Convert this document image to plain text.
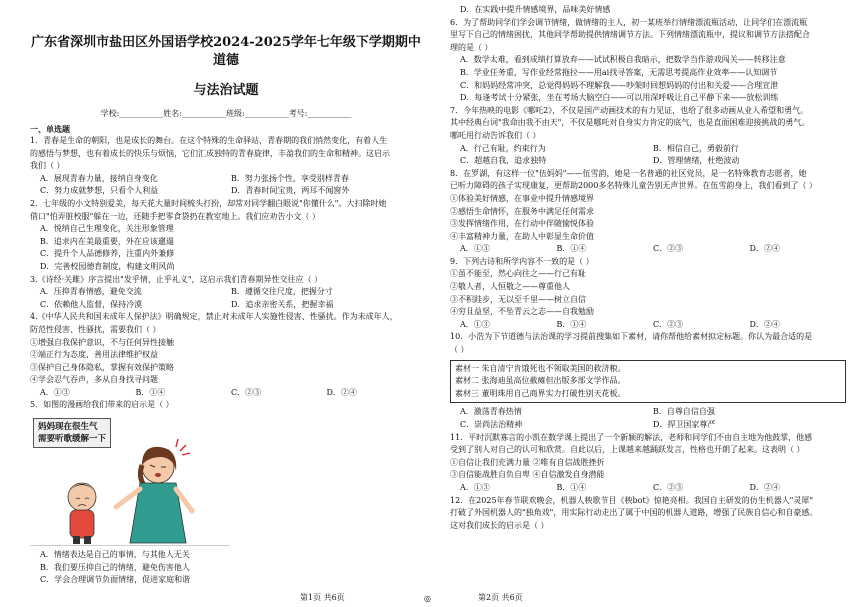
广东省深圳市盐田区外国语学校2024-2025学年七年级下学期期中道德
与法治试题
学校:___________姓名:___________班级:___________考号:___________
一、单选题

1．青春是生命的朝阳，也是成长的舞台。在这个特殊的生命驿站，青春期的我们悄然变化，有着人生

的感悟与梦想，也有着成长的快乐与烦恼，它们汇成独特的青春旋律，丰盈我们的生命和精神。这启示

我们（ ）

A．展现青春力量，接纳自身变化	B．努力张扬个性，享受别样青春
C．努力成就梦想，只看个人利益	D．青春时间宝贵，两耳不闻窗外

2．七年级的小文特别爱美，每天花大量时间梳头打扮，却常对同学翻白眼说"你懂什么"。大扫除时她

借口"怕弄脏校服"躲在一边，还随手把零食袋扔在教室地上。我们应劝告小文（ ）

A．悦纳自己生理变化，关注形象管理

B．追求内在美最重要，外在应该邋遢

C．提升个人品德修养，注重内外兼修

D．完善校园德育制度，构建文明风尚

3.《诗经·关雎》序言提出"发乎情，止乎礼义"，这启示我们青春期异性交往应（ ）

A．压抑青春情感，避免交流	B．遵循交往尺度，把握分寸
C．依赖他人监督，保持冷漠	D．追求亲密关系，把握幸福

4.《中华人民共和国未成年人保护法》明确规定，禁止对未成年人实施性侵害、性骚扰。作为未成年人，

防范性侵害、性骚扰，需要我们（ ）

①增强自我保护意识，不与任何异性接触

②端正行为态度，善用法律维护权益

③保护自己身体隐私，掌握有效保护策略

④学会忍气吞声，多从自身找寻问题

A．①③	B．①④	C．②③	D．②④

5．如图的漫画给我们带来的启示是（ ）

妈妈现在很生气
需要听歌缓解一下

A．情绪表达是自己的事情，与其他人无关

B．我们要压抑自己的情绪，避免伤害他人

C．学会合理调节负面情绪，促进家庭和谐

D．在实践中提升情感境界，品味美好情感

6．为了帮助同学们学会调节情绪，做情绪的主人，初一某班举行情绪漂流瓶活动，让同学们在漂流瓶

里写下自己的情绪困扰，其他同学帮助提供情绪调节方法。下列情绪漂流瓶中，提议和调节方法搭配合

理的是（ ）

A．数学太难，看到成绩打算放弃——试试积极自我暗示，把数学当作游戏闯关——转移注意

B．学业任务重，写作业经常拖拉——用ai找寻答案，无需思考提高作业效率——认知调节

C．和妈妈经常冲突，总觉得妈妈不理解我——吵架时回想妈妈的付出和关爱——合理宣泄

D．每逢考试十分紧张，坐在考场大脑空白——可以用深呼吸让自己平静下来——放松训练

7．今年热映的电影《哪吒2》，不仅是国产动画技术的有力见证，也给了很多动画从业人希望和勇气。

其中经典台词"我命由我不由天"，不仅是哪吒对自身实力肯定的底气，也是直面困难迎接挑战的勇气。

哪吒用行动告诉我们（ ）

A．行己有耻，约束行为	B．相信自己，勇毅前行
C．超越自我，追求独特	D．管理情绪，杜绝波动

8．在罗湖，有这样一位"伍妈妈"——伍雪韵，她是一名普通的社区党员，是一名特殊教育志愿者，她

已听力障碍的孩子实现康复，更帮助2000多名特殊儿童告别无声世界。在伍雪韵身上，我们看到了（ ）

①体验美好情感，在事业中提升情感境界

②感悟生命情怀，在服务中满足任何需求

③发挥情绪作用，在行动中伴随愉悦体验

④丰富精神力量，在助人中彰显生命价值

A．①③	B．①④	C．②③	D．②④

9．下列古诗和所学内容不一致的是（ ）

①虽不能至，然心向往之——行己有耻

②敬人者，人恒敬之——尊重他人

③不积跬步，无以至千里——树立自信

④穷且益坚，不坠青云之志——自我勉励

A．①③	B．①④	C．②③	D．②④

10．小浩为下节道德与法治课的学习提前搜集如下素材，请你帮他给素材拟定标题。你认为最合适的是

（ ）

素材一 朱自清宁肯饿死也不领取美国的救济粮。

素材二 张海迪虽高位截瘫但出版多部文学作品。

素材三 董明珠用自己商界实力打破性别天花板。

A．激荡青春热情	B．自尊自信自强
C．崇尚法治精神	D．捍卫国家尊严

11．平时沉默寡言的小凯在数学课上提出了一个新颖的解法，老师和同学们不由自主地为他鼓掌，他感

受到了别人对自己的认可和欣赏。自此以后，上课越来越踊跃发言，性格也开朗了起来。这表明（ ）

①自信让我们充满力量 ②唯有自信战胜挫折

③自信能战胜自负自卑 ④自信激发自身潜能

A．①③	B．①④	C．②③	D．②④

12．在2025年春节联欢晚会，机器人秧歌节目《秧bot》惊艳亮相。我国自主研发的仿生机器人"灵犀"

打破了外国机器人的"独角戏"，用实际行动走出了属于中国的机器人道路，增强了民族自信心和自豪感。

这对我们成长的启示是（ ）

第1页 共6页	◎	第2页 共6页
